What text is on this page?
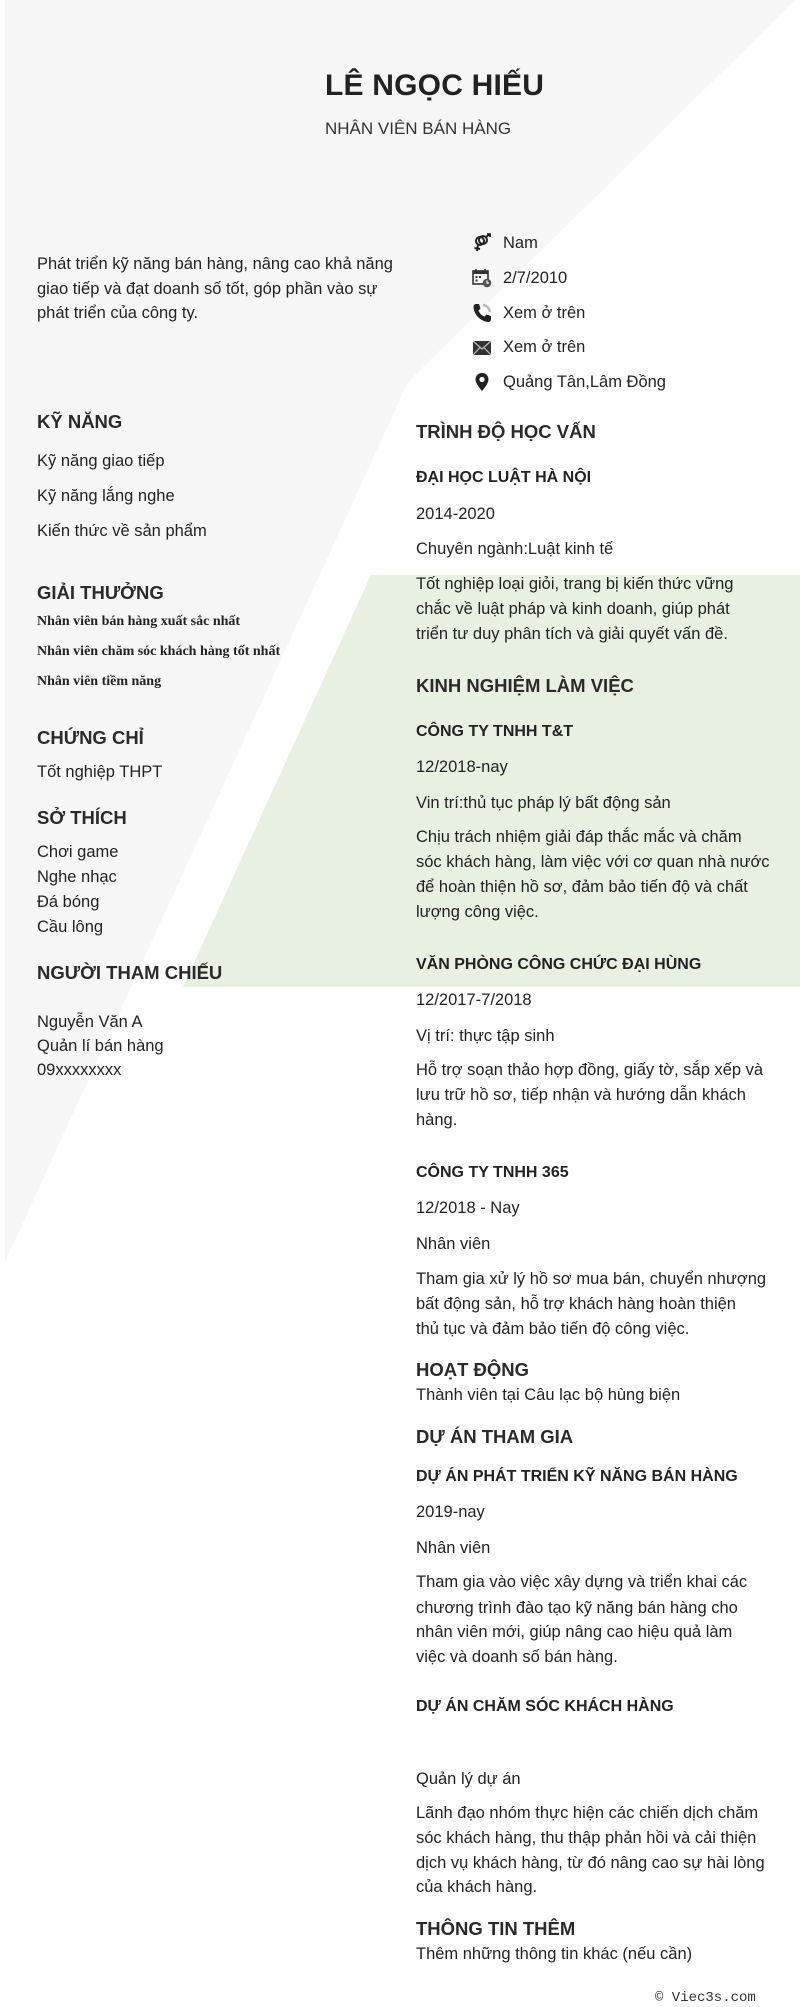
LÊ NGỌC HIẾU
NHÂN VIÊN BÁN HÀNG
Phát triển kỹ năng bán hàng, nâng cao khả năng
giao tiếp và đạt doanh số tốt, góp phần vào sự
phát triển của công ty.
Nam
2/7/2010
Xem ở trên
Xem ở trên
Quảng Tân,Lâm Đồng
KỸ NĂNG
Kỹ năng giao tiếp
Kỹ năng lắng nghe
Kiến thức về sản phẩm
GIẢI THƯỞNG
Nhân viên bán hàng xuất sắc nhất
Nhân viên chăm sóc khách hàng tốt nhất
Nhân viên tiềm năng
CHỨNG CHỈ
Tốt nghiệp THPT
SỞ THÍCH
Chơi game
Nghe nhạc
Đá bóng
Cầu lông
NGƯỜI THAM CHIẾU
Nguyễn Văn A
Quản lí bán hàng
09xxxxxxxx
TRÌNH ĐỘ HỌC VẤN
ĐẠI HỌC LUẬT HÀ NỘI
2014-2020
Chuyên ngành:Luật kinh tế
Tốt nghiệp loại giỏi, trang bị kiến thức vững
chắc về luật pháp và kinh doanh, giúp phát
triển tư duy phân tích và giải quyết vấn đề.
KINH NGHIỆM LÀM VIỆC
CÔNG TY TNHH T&T
12/2018-nay
Vin trí:thủ tục pháp lý bất động sản
Chịu trách nhiệm giải đáp thắc mắc và chăm
sóc khách hàng, làm việc với cơ quan nhà nước
để hoàn thiện hồ sơ, đảm bảo tiến độ và chất
lượng công việc.
VĂN PHÒNG CÔNG CHỨC ĐẠI HÙNG
12/2017-7/2018
Vị trí: thực tập sinh
Hỗ trợ soạn thảo hợp đồng, giấy tờ, sắp xếp và
lưu trữ hồ sơ, tiếp nhận và hướng dẫn khách
hàng.
CÔNG TY TNHH 365
12/2018 - Nay
Nhân viên
Tham gia xử lý hồ sơ mua bán, chuyển nhượng
bất động sản, hỗ trợ khách hàng hoàn thiện
thủ tục và đảm bảo tiến độ công việc.
HOẠT ĐỘNG
Thành viên tại Câu lạc bộ hùng biện
DỰ ÁN THAM GIA
DỰ ÁN PHÁT TRIỂN KỸ NĂNG BÁN HÀNG
2019-nay
Nhân viên
Tham gia vào việc xây dựng và triển khai các
chương trình đào tạo kỹ năng bán hàng cho
nhân viên mới, giúp nâng cao hiệu quả làm
việc và doanh số bán hàng.
DỰ ÁN CHĂM SÓC KHÁCH HÀNG
Quản lý dự án
Lãnh đạo nhóm thực hiện các chiến dịch chăm
sóc khách hàng, thu thập phản hồi và cải thiện
dịch vụ khách hàng, từ đó nâng cao sự hài lòng
của khách hàng.
THÔNG TIN THÊM
Thêm những thông tin khác (nếu cần)
© Viec3s.com
